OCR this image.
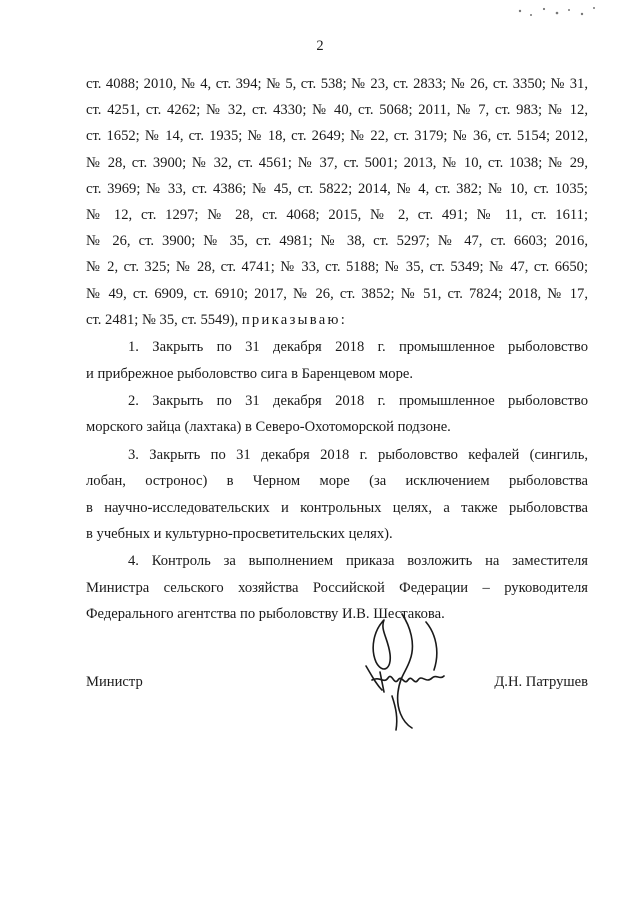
2
ст. 4088; 2010, № 4, ст. 394; № 5, ст. 538; № 23, ст. 2833; № 26, ст. 3350; № 31,
ст. 4251, ст. 4262; № 32, ст. 4330; № 40, ст. 5068; 2011, № 7, ст. 983; № 12,
ст. 1652; № 14, ст. 1935; № 18, ст. 2649; № 22, ст. 3179; № 36, ст. 5154; 2012,
№ 28, ст. 3900; № 32, ст. 4561; № 37, ст. 5001; 2013, № 10, ст. 1038; № 29,
ст. 3969; № 33, ст. 4386; № 45, ст. 5822; 2014, № 4, ст. 382; № 10, ст. 1035;
№ 12, ст. 1297; № 28, ст. 4068; 2015, № 2, ст. 491; № 11, ст. 1611;
№ 26, ст. 3900; № 35, ст. 4981; № 38, ст. 5297; № 47, ст. 6603; 2016,
№ 2, ст. 325; № 28, ст. 4741; № 33, ст. 5188; № 35, ст. 5349; № 47, ст. 6650;
№ 49, ст. 6909, ст. 6910; 2017, № 26, ст. 3852; № 51, ст. 7824; 2018, № 17,
ст. 2481; № 35, ст. 5549), приказываю:
1. Закрыть по 31 декабря 2018 г. промышленное рыболовство
и прибрежное рыболовство сига в Баренцевом море.
2. Закрыть по 31 декабря 2018 г. промышленное рыболовство
морского зайца (лахтака) в Северо-Охотоморской подзоне.
3. Закрыть по 31 декабря 2018 г. рыболовство кефалей (сингиль,
лобан, остронос) в Черном море (за исключением рыболовства
в научно-исследовательских и контрольных целях, а также рыболовства
в учебных и культурно-просветительских целях).
4. Контроль за выполнением приказа возложить на заместителя
Министра сельского хозяйства Российской Федерации – руководителя
Федерального агентства по рыболовству И.В. Шестакова.
Министр	Д.Н. Патрушев
